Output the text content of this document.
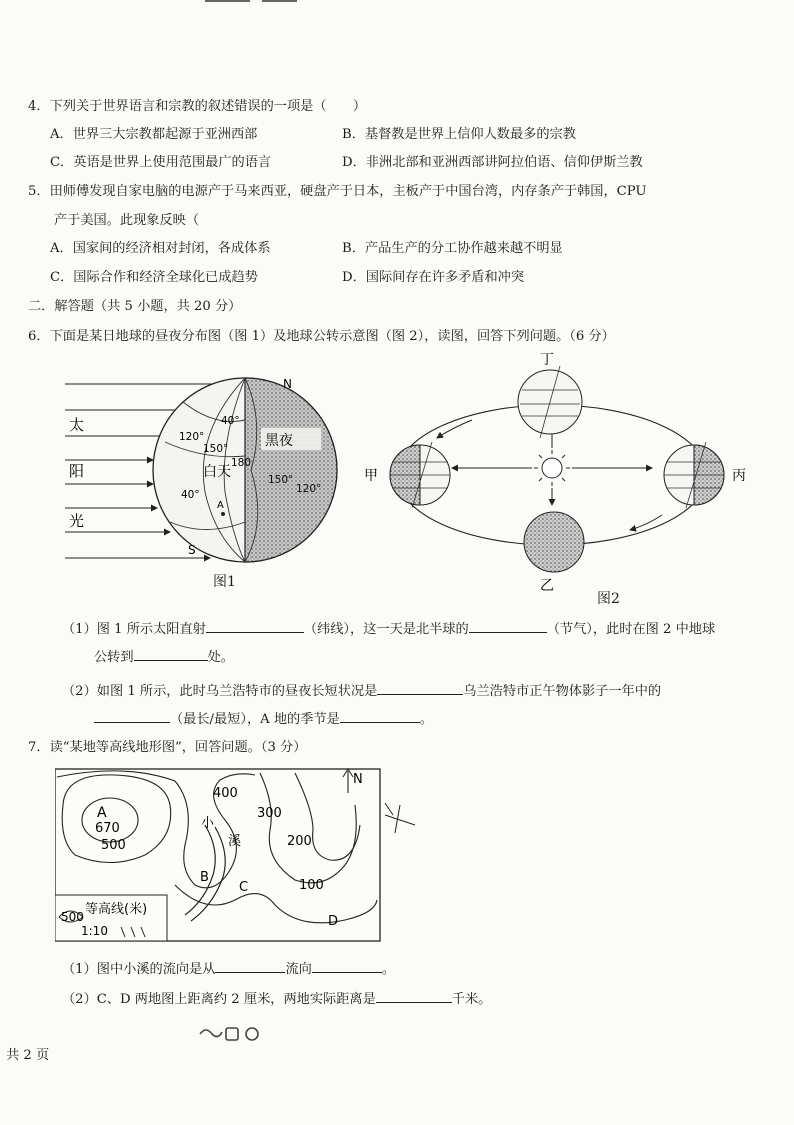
4．下列关于世界语言和宗教的叙述错误的一项是（　　）
A．世界三大宗教都起源于亚洲西部	B．基督教是世界上信仰人数最多的宗教
C．英语是世界上使用范围最广的语言	D．非洲北部和亚洲西部讲阿拉伯语、信仰伊斯兰教
5．田师傅发现自家电脑的电源产于马来西亚，硬盘产于日本，主板产于中国台湾，内存条产于韩国，CPU
产于美国。此现象反映（
A．国家间的经济相对封闭，各成体系	B．产品生产的分工协作越来越不明显
C．国际合作和经济全球化已成趋势	D．国际间存在许多矛盾和冲突
二．解答题（共 5 小题，共 20 分）
6．下面是某日地球的昼夜分布图（图 1）及地球公转示意图（图 2），读图，回答下列问题。（6 分）
N
S
太
阳
光
黑夜
白天
40°
40°
120°
150°
180
150°
120°
A
图1
丁
甲	丙
乙
图2
（1）图 1 所示太阳直射	（纬线），这一天是北半球的	（节气），此时在图 2 中地球
公转到	处。
（2）如图 1 所示，此时乌兰浩特市的昼夜长短状况是	乌兰浩特市正午物体影子一年中的
（最长/最短），A 地的季节是	。
7．读“某地等高线地形图”，回答问题。（3 分）
N
A
670
500
400
300
200
100
小
溪
B
C
D
500 等高线(米)
1:10
（1）图中小溪的流向是从	流向	。
（2）C、D 两地图上距离约 2 厘米，两地实际距离是	千米。
共 2 页
